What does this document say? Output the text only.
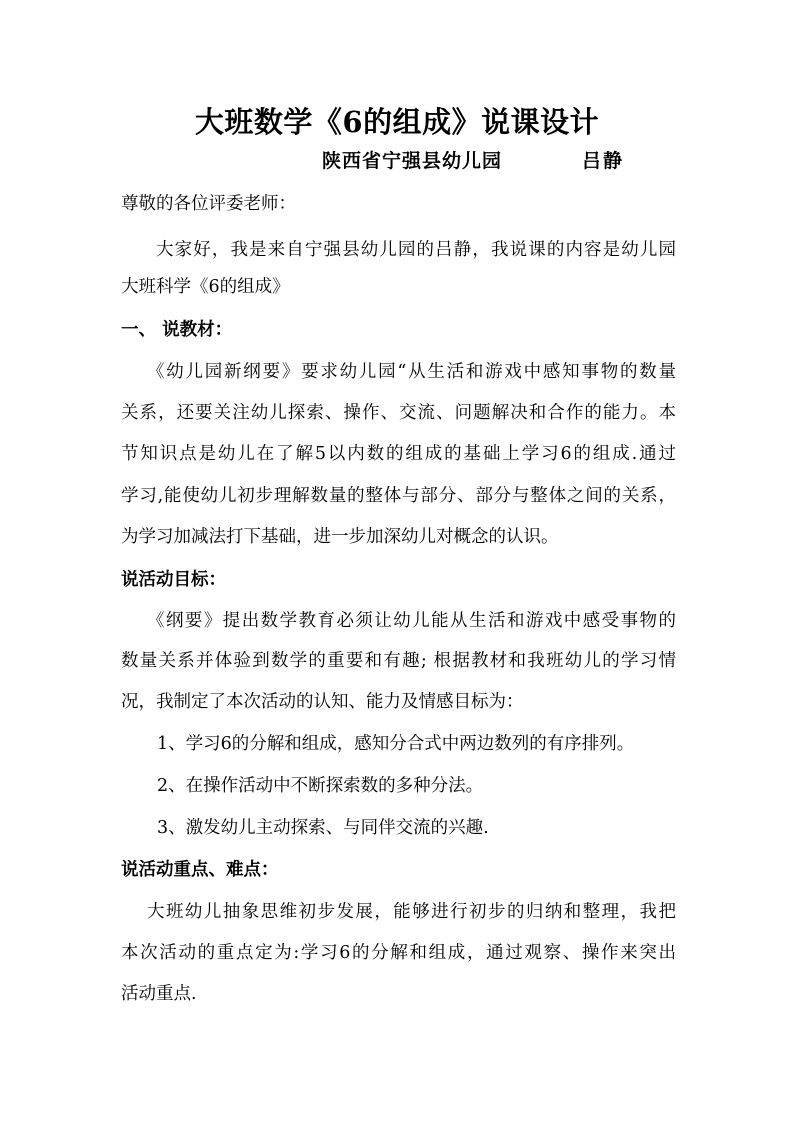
大班数学《6的组成》说课设计
陕西省宁强县幼儿园	吕静
尊敬的各位评委老师：
大家好，我是来自宁强县幼儿园的吕静，我说课的内容是幼儿园
大班科学《6的组成》
一、 说教材：
《幼儿园新纲要》要求幼儿园“从生活和游戏中感知事物的数量
关系，还要关注幼儿探索、操作、交流、问题解决和合作的能力。本
节知识点是幼儿在了解5以内数的组成的基础上学习6的组成.通过
学习,能使幼儿初步理解数量的整体与部分、部分与整体之间的关系，
为学习加减法打下基础，进一步加深幼儿对概念的认识。
说活动目标：
《纲要》提出数学教育必须让幼儿能从生活和游戏中感受事物的
数量关系并体验到数学的重要和有趣; 根据教材和我班幼儿的学习情
况，我制定了本次活动的认知、能力及情感目标为：
1、学习6的分解和组成，感知分合式中两边数列的有序排列。
2、在操作活动中不断探索数的多种分法。
3、激发幼儿主动探索、与同伴交流的兴趣.
说活动重点、难点：
大班幼儿抽象思维初步发展，能够进行初步的归纳和整理，我把
本次活动的重点定为:学习6的分解和组成，通过观察、操作来突出
活动重点.
